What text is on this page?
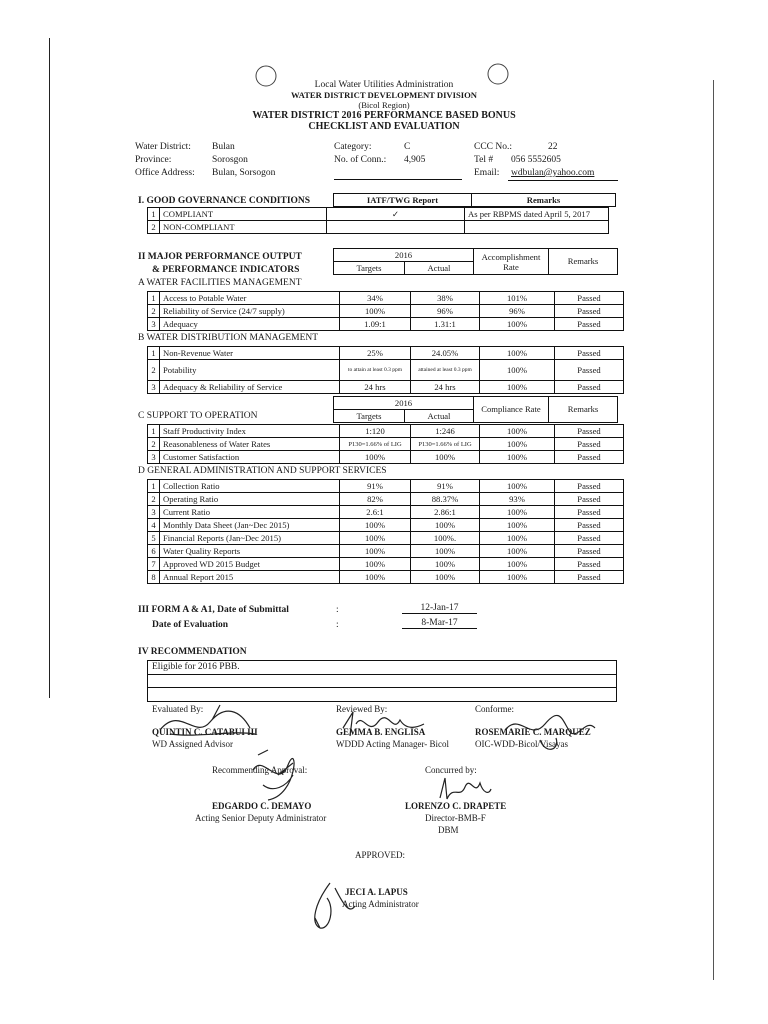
Local Water Utilities Administration
WATER DISTRICT DEVELOPMENT DIVISION
(Bicol Region)
WATER DISTRICT 2016 PERFORMANCE BASED BONUS
CHECKLIST AND EVALUATION
Water District: Bulan
Province:	Sorosgon
Office Address: Bulan, Sorsogon
Category:	C
No. of Conn.: 4,905
CCC No.:	22
Tel # 056 5552605
Email: wdbulan@yahoo.com
I. GOOD GOVERNANCE CONDITIONS
		IATF/TWG Report	Remarks
1	COMPLIANT	✓	As per RBPMS dated April 5, 2017
2	NON-COMPLIANT		
II MAJOR PERFORMANCE OUTPUT
& PERFORMANCE INDICATORS
2016		Accomplishment Rate	Remarks
Targets	Actual		
A WATER FACILITIES MANAGEMENT
1	Access to Potable Water	34%	38%	101%	Passed
2	Reliability of Service (24/7 supply)	100%	96%	96%	Passed
3	Adequacy	1.09:1	1.31:1	100%	Passed
B WATER DISTRIBUTION MANAGEMENT
1	Non-Revenue Water	25%	24.05%	100%	Passed
2	Potability	to attain at least 0.3 ppm	attained at least 0.3 ppm	100%	Passed
3	Adequacy & Reliability of Service	24 hrs	24 hrs	100%	Passed
2016		Compliance Rate	Remarks
Targets	Actual		
C SUPPORT TO OPERATION
1	Staff Productivity Index	1:120	1:246	100%	Passed
2	Reasonableness of Water Rates	P130=1.66% of LIG	P130=1.66% of LIG	100%	Passed
3	Customer Satisfaction	100%	100%	100%	Passed
D GENERAL ADMINISTRATION AND SUPPORT SERVICES
1	Collection Ratio	91%	91%	100%	Passed
2	Operating Ratio	82%	88.37%	93%	Passed
3	Current Ratio	2.6:1	2.86:1	100%	Passed
4	Monthly Data Sheet (Jan~Dec 2015)	100%	100%	100%	Passed
5	Financial Reports (Jan~Dec 2015)	100%	100%.	100%	Passed
6	Water Quality Reports	100%	100%	100%	Passed
7	Approved WD 2015 Budget	100%	100%	100%	Passed
8	Annual Report 2015	100%	100%	100%	Passed
III FORM A & A1, Date of Submittal	:	12-Jan-17
Date of Evaluation	:	8-Mar-17
IV RECOMMENDATION
Eligible for 2016 PBB.
Evaluated By:
QUINTIN C. CATABUI III
WD Assigned Advisor
Reviewed By:
GEMMA B. ENGLISA
WDDD Acting Manager- Bicol
Conforme:
ROSEMARIE C. MARQUEZ
OIC-WDD-Bicol/Visayas
Recommending Approval:
EDGARDO C. DEMAYO
Acting Senior Deputy Administrator
Concurred by:
LORENZO C. DRAPETE
Director-BMB-F
DBM
APPROVED:
JECI A. LAPUS
Acting Administrator
